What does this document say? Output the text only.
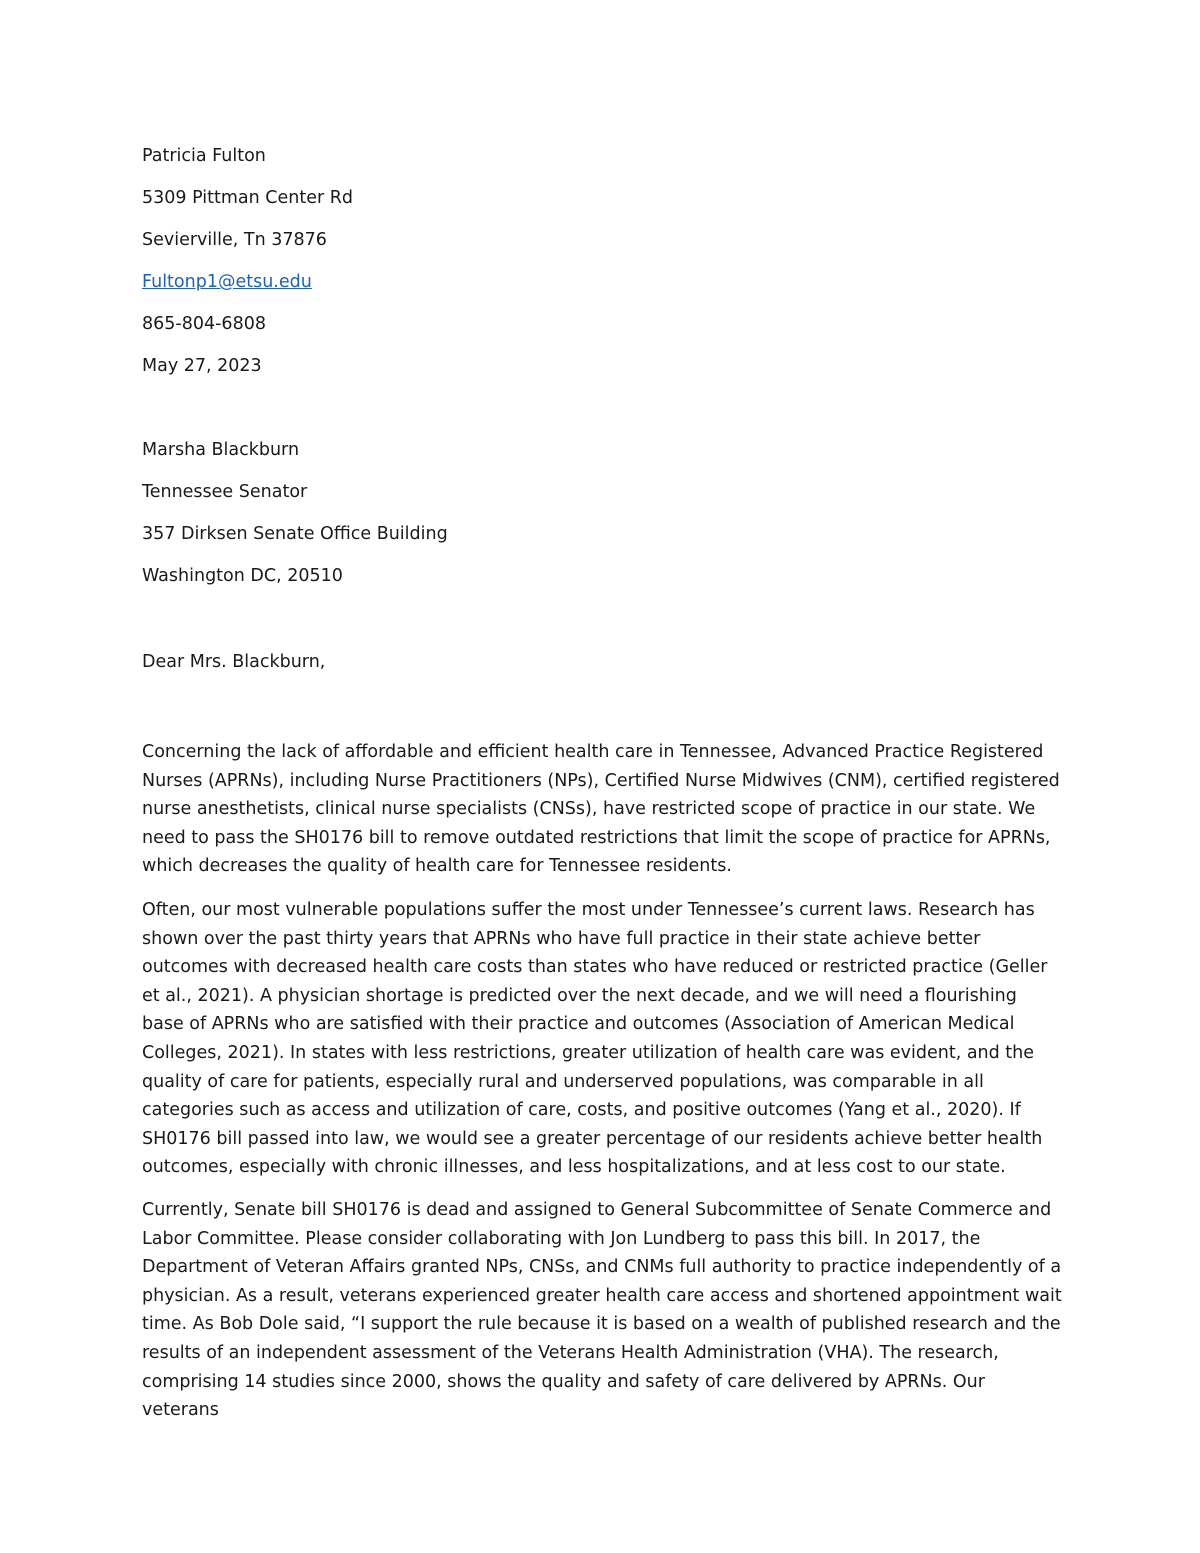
Patricia Fulton

5309 Pittman Center Rd

Sevierville, Tn 37876

Fultonp1@etsu.edu

865-804-6808

May 27, 2023

Marsha Blackburn

Tennessee Senator

357 Dirksen Senate Office Building

Washington DC, 20510

Dear Mrs. Blackburn,

Concerning the lack of affordable and efficient health care in Tennessee, Advanced Practice Registered Nurses (APRNs), including Nurse Practitioners (NPs), Certified Nurse Midwives (CNM), certified registered nurse anesthetists, clinical nurse specialists (CNSs), have restricted scope of practice in our state. We need to pass the SH0176 bill to remove outdated restrictions that limit the scope of practice for APRNs, which decreases the quality of health care for Tennessee residents.

Often, our most vulnerable populations suffer the most under Tennessee’s current laws. Research has shown over the past thirty years that APRNs who have full practice in their state achieve better outcomes with decreased health care costs than states who have reduced or restricted practice (Geller et al., 2021). A physician shortage is predicted over the next decade, and we will need a flourishing base of APRNs who are satisfied with their practice and outcomes (Association of American Medical Colleges, 2021). In states with less restrictions, greater utilization of health care was evident, and the quality of care for patients, especially rural and underserved populations, was comparable in all categories such as access and utilization of care, costs, and positive outcomes (Yang et al., 2020). If SH0176 bill passed into law, we would see a greater percentage of our residents achieve better health outcomes, especially with chronic illnesses, and less hospitalizations, and at less cost to our state.

Currently, Senate bill SH0176 is dead and assigned to General Subcommittee of Senate Commerce and Labor Committee. Please consider collaborating with Jon Lundberg to pass this bill. In 2017, the Department of Veteran Affairs granted NPs, CNSs, and CNMs full authority to practice independently of a physician. As a result, veterans experienced greater health care access and shortened appointment wait time. As Bob Dole said, “I support the rule because it is based on a wealth of published research and the results of an independent assessment of the Veterans Health Administration (VHA). The research, comprising 14 studies since 2000, shows the quality and safety of care delivered by APRNs. Our veterans
